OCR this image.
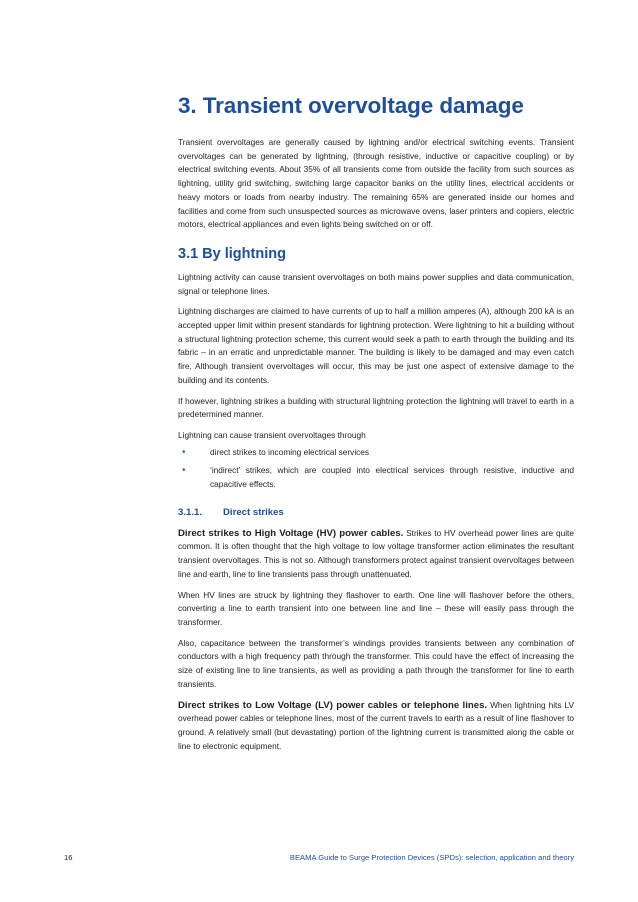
3. Transient overvoltage damage

Transient overvoltages are generally caused by lightning and/or electrical switching events. Transient overvoltages can be generated by lightning, (through resistive, inductive or capacitive coupling) or by electrical switching events. About 35% of all transients come from outside the facility from such sources as lightning, utility grid switching, switching large capacitor banks on the utility lines, electrical accidents or heavy motors or loads from nearby industry. The remaining 65% are generated inside our homes and facilities and come from such unsuspected sources as microwave ovens, laser printers and copiers, electric motors, electrical appliances and even lights being switched on or off.

3.1 By lightning

Lightning activity can cause transient overvoltages on both mains power supplies and data communication, signal or telephone lines.

Lightning discharges are claimed to have currents of up to half a million amperes (A), although 200 kA is an accepted upper limit within present standards for lightning protection. Were lightning to hit a building without a structural lightning protection scheme, this current would seek a path to earth through the building and its fabric – in an erratic and unpredictable manner. The building is likely to be damaged and may even catch fire. Although transient overvoltages will occur, this may be just one aspect of extensive damage to the building and its contents.

If however, lightning strikes a building with structural lightning protection the lightning will travel to earth in a predetermined manner.

Lightning can cause transient overvoltages through

•	direct strikes to incoming electrical services
•	‘indirect’ strikes, which are coupled into electrical services through resistive, inductive and capacitive effects.
3.1.1. Direct strikes

Direct strikes to High Voltage (HV) power cables. Strikes to HV overhead power lines are quite common. It is often thought that the high voltage to low voltage transformer action eliminates the resultant transient overvoltages. This is not so. Although transformers protect against transient overvoltages between line and earth, line to line transients pass through unattenuated.

When HV lines are struck by lightning they flashover to earth. One line will flashover before the others, converting a line to earth transient into one between line and line – these will easily pass through the transformer.

Also, capacitance between the transformer’s windings provides transients between any combination of conductors with a high frequency path through the transformer. This could have the effect of increasing the size of existing line to line transients, as well as providing a path through the transformer for line to earth transients.

Direct strikes to Low Voltage (LV) power cables or telephone lines. When lightning hits LV overhead power cables or telephone lines, most of the current travels to earth as a result of line flashover to ground. A relatively small (but devastating) portion of the lightning current is transmitted along the cable or line to electronic equipment.

16	BEAMA Guide to Surge Protection Devices (SPDs): selection, application and theory
